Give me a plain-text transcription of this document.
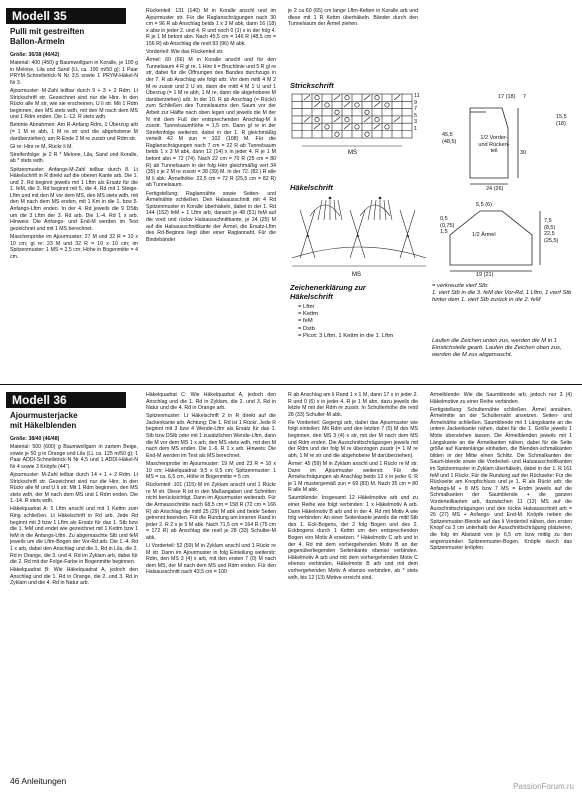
Modell 35
Pulli mit gestreiften
Ballon-Ärmeln

Größe: 36/38 (40/42)

Material: 400 (450) g Baumwollgarn in Koralle, je 100 g in Melone, Lila und Sand (LL ca. 100 m/50 g); 1 Paar PRYM-Schnellstrick-N Nr 3,5 sowie 1 PRYM-Häkel-N Nr 3.

Ajourmuster: M-Zahl teilbar durch 9 + 3 + 2 Rdm. Lt Strickschrift str. Gezeichnet sind nur die Hinr. In den Rückr alle M str, wie sie erscheinen, U li str. Mit 1 Rdm beginnen, den MS stets wdh, mit den M nach dem MS und 1 Rdm enden. Die 1.-12. R stets wdh.

Betonte Abnahmen: Am R-Anfang Rdm, 1 Überzug arb (= 1 M re abh, 1 M re str und die abgehobene M darüberziehen); am R-Ende 2 M re zusstr und Rdm str.

Gl re: Hinr re M, Rückr li M.

Streifenfolge: je 2 R * Melone, Lila, Sand und Koralle, ab * stets wdh.

Spitzenmuster: Anfangs-M-Zahl teilbar durch 8. Lt Häkelschrift in R direkt auf die oberen Kante arb. Die 1. und 2. Rd beginnt jeweils mit 1 Lftm als Ersatz für die 1. feM, die 3. Rd beginnt mit 5, die 4. Rd mit 1 Steige-Lftm und mit den M vor dem MS, den MS stets wdh, mit den M nach dem MS enden, mit 1 Km in die 1. bzw 5. Anfangs-Lftm enden. In der 4. Rd jeweils die 9 DStb um die 3 Lftm der 3. Rd arb. Die 1.-4. Rd 1 x arb. Hinweis: Die Anfangs- und End-M werden im Text gezeichnet und mit 1 MS berechnet.

Maschenprobe im Ajourmuster: 27 M und 32 R = 10 x 10 cm; gl re: 23 M und 32 R = 10 x 10 cm; im Spitzenmuster: 1 MS = 2,5 cm; Höhe in Bogenmitte = 4 cm.

Rückenteil: 131 (140) M in Koralle anschl und im Ajourmuster str. Für die Raglanschrägungen nach 30 cm = 96 R ab Anschlag beids 1 x 3 M abk, dann 16 (18) x abw in jeder 2. und 4. R und noch 0 (1) x in der folg 4. R je 1 M betont abn. Nach 45,5 cm = 146 R (48,5 cm = 156 R) ab Anschlag die restl 93 (96) M abk.

Vorderteil: Wie das Rückenteil str.

Ärmel: 60 (66) M in Koralle anschl und für den Tunnelsaum 4 R gl re, 1 Hinr li = Bruchlinie und 5 R gl re str, dabei für die Öffnungen des Bandes durchzugs in der 7. R ab Anschlag wie folgt arb: Vor dem mittl 4 M 2 M re zusstr und 2 U str, dann die mittl 4 M 1 U und 1 Überzug (= 1 M re abh, 1 M re, dann die abgehobene M darüberziehen) arb. In der 10. R ab Anschlag (= Rückr) zum Schließen des Tunnelsaums den Saum vor der Arbeit zur Hälfte nach oben legen und jeweils die M der N mit dem Fuß der entsprechenden Anschlag-M li zusstr. Tunnelsaumhöhe = 1,5 cm. Dann gl re in der Streifenfolge weiterstr, dabei in der 1. R gleichmäßig verteilt 42 M zun = 102 (108) M. Für die Raglanschrägungen nach 7 cm = 22 R ab Tunnelsaum beids 1 x 3 M abk, dann 12 (14) x in jeder 4. R je 1 M betont abn = 72 (74). Nach 22 cm = 70 R (25 cm = 80 R) ab Tunnelsaum in der folg Hinr gleichmäßig vert 34 (35) x je 2 M re zusstr = 38 (39) M. In der 72. (82.) R alle M li abk. Ärmelhöhe: 22,5 cm = 72 R (25,5 cm = 82 R) ab Tunnelsaum.

Fertigstellung: Raglannähte sowie Seiten- und Ärmelnähte schließen. Den Halsausschnitt mit 4 Rd Spitzenmuster in Koralle überhäkeln, dabei in der 1. Rd 144 (152) feM + 1 Lftm arb, danach je 48 (51) feM auf die vord und rückw Halsausschnittkante, je 24 (25) M auf die Halsausschnittkante der Ärmel, die Ersatz-Lftm des Rd-Beginns liegt über einer Raglannaht. Für die Bindebänder

je 2 ca 60 (65) cm lange Lftm-Ketten in Koralle arb und diese mit 1 R Kettm überhäkeln. Bänder durch den Tunnelsaum der Ärmel ziehen.

Strickschrift
MS
11
9
7
5
3
1
Häkelschrift
MS
Zeichenerklärung zur Häkelschrift
= Lftm
= Kettm
= feM
= Dstb
= Picot: 3 Lftm, 1 Kettm in die 1. Lftm
= verkreuzte vierf Stb:
1. vierf Stb in die 3. feM der Vor-Rd, 1 Lftm, 1 vierf Stb hinter dem 1. vierf Stb zurück in die 2. feM
Laufen die Zeichen unten zus, werden die M in 1 Einstichstelle gearb. Laufen die Zeichen oben zus, werden die M zus abgemascht.
1/2 Vorder- und Rücken-teil
17 (18) 7
15,5
(18)
45,5
(48,5)
30
24 (26)
1/2 Ärmel
5,5 (6)
0,5
(0,75)
1,5
7,5
(8,5)
22,5
(25,5)
19 (21)
Modell 36
Ajourmusterjacke
mit Häkelblenden

Größe: 38/40 (46/48)

Material: 500 (600) g Baumwollgarn in zartem Beige, sowie je 50 g in Orange und Lila (LL ca. 125 m/50 g); 1 Paar ADDI-Schnellstrick-N Nr 4,5 und 1 ADDI-Häkel-N Nr 4 sowie 3 Knöpfe (44").

Ajourmuster: M-Zahl teilbar durch 14 + 1 + 2 Rdm. Lt Strickschrift str. Gezeichnet sind nur die Hinr. In den Rückr alle M und U li str. Mit 1 Rdm beginnen, den MS stets wdh, der M nach dem MS und 1 Rdm enden. Die 1.-14. R stets wdh.

Häkelquadrat A: 5 Lftm anschl und mit 1 Kettm zum Ring schließen. Lt Häkelschrift in Rd arb. Jede Rd beginnt mit 3 bzw 1 Lftm als Ersatz für das 1. Stb bzw die 1. feM und endet wie gezeichnet mit 1 Kettm bzw 1 feM in die Anfangs-Lftm. Zu abgemaschte Stb und feM jeweils um die Lftm-Bogen der Vor-Rd arb. Die 1.-4. Rd 1 x arb, dabei den Anschlag und die 1. Rd in Lila, die 2. Rd in Orange, die 3. und 4. Rd im Zyklam arb, dabei für die 2. Rd mit der Folge-Farbe in Bogenmitte beginnen.

Häkelquadrat B: Wie Häkelquadrat A, jedoch den Anschlag und die 1. Rd in Orange, die 2. und 3. Rd in Zyklam und die 4. Rd in Natur arb.

Häkelquadrat C: Wie Häkelquadrat A, jedoch den Anschlag und die 1. Rd in Zyklam, die 2. und 3. Rd in Natur und die 4. Rd in Orange arb.

Spitzenmuster: Lt Häkelschrift 2 in R direkt auf die Jackenkante arb. Achtung: Die 1. Rd ist 1 Rückr. Jede R beginnt mit 3 bzw 4 Wende-Lftm als Ersatz für das 1. Stb bzw DStb oder mit 1 zusätzlichen Wende-Lftm, dann die M vor dem MS 1 x arb, den MS stets wdh, mit den M nach dem MS enden. Die 1.-6. R 1 x arb. Hinweis: Die End-M werden im Text als MS berechnet.

Maschenprobe im Ajourmuster: 19 M und 23 R = 10 x 10 cm; Häkelquadrat: 9,5 x 9,5 cm; Spitzenmuster: 1 MS = ca. 6,5 cm, Höhe in Bogenmitte = 5 cm.

Rückenteil: 101 (115) M im Zyklam anschl und 1 Rückr re M str. Diese R ist in den Maßangaben und Schnitten nicht berücksichtigt. Dann im Ajourmuster weiterarb. Für die Armausschnitte nach 68,5 cm = 158 R (72 cm = 166 R) ab Anschlag die mittl 25 (29) M abk und beide Seiten getrennt beenden. Für die Rundung am inneren Rand in jeder 2. R 2 x je 5 M abk. Nach 71,5 cm = 164 R (75 cm = 172 R) ab Anschlag die restl je 28 (33) Schulter-M abk.

Li Vorderteil: 52 (59) M in Zyklam anschl und 1 Rückr re M str. Dann im Ajourmuster in folg Einteilung weiterstr: Rdm, den MS 3 (4) x arb, mit den ersten 7 (0) M nach dem MS, der M nach dem MS und Rdm enden. Für den Halsausschnitt nach 43,5 cm = 100

R ab Anschlag am li Rand 1 x 1 M, dann 17 x in jeder 2. R und 0 (6) x in jeder 4. R je 1 M abn, dazu jeweils die letzte M mit der Rdm re zusstr. In Schulterhöhe die restl 28 (33) Schulter-M abk.

Re Vorderteil: Gegengl arb, dabei das Ajourmuster wie folgt einteilen: Mit Rdm und den letzten 7 (0) M des MS beginnen, den MS 3 (4) x str, mit der M nach dem MS und Rdm enden. Die Ausschnittschrägungen jeweils mit der Rdm und der folg M re überzogen zusstr (= 1 M re abh, 1 M re str und die abgehobene M darüberziehen).

Ärmel: 45 (59) M in Zyklam anschl und 1 Rückr re M str. Dann im Ajourmuster weiterstr. Für die Ärmelschrägungen ab Anschlag beids 12 x in jeder 6. R je 1 M mustergemäß zun = 69 (83) M. Nach 35 cm = 80 R alle M abk.

Saumblende: Insgesamt 12 Häkelmotive arb und zu einer Reihe wie folgt verbinden: 1 x Häkelmotiv A arb. Dann Häkelmotiv B arb und in der 4. Rd mit Motiv A wie folg verbinden: An einer Seitenkante jeweils die mittl Stb des 1. Eck-Bogens, der 2 folg Bogen und des 2. Eckbogens durch 1 Kettm um den entsprechenden Bogen von Motiv A ersetzen. * Häkelmotiv C arb und in der 4. Rd mit dem vorhergehenden Motiv B an der gegenüberliegenden Seitenkante ebenso verbinden. Häkelmotiv A arb und mit dem vorhergehenden Motiv C ebenso verbinden, Häkelmotiv B arb und mit dem vorhergehenden Motiv A ebenso verbinden, ab * stets wdh, bis 12 (13) Motive erreicht sind.

Ärmelblende: Wie die Saumblende arb, jedoch nur 3 (4) Häkelmotive zu einer Reihe verbinden.

Fertigstellung: Schulternähte schließen. Ärmel annähen, Ärmelmitte an der Schulternaht ansetzen. Seiten- und Ärmelnähte schließen. Saumblende mit 1 Längskante an die untere Jackenkante nähen, dabei für die 1. Größe jeweils 1 Motiv überstehen lassen. Die Ärmelblenden jeweils mit 1 Längskante an die Ärmelkanten nähen, dabei für die Seite größe auf Kantenlänge einhalten, die Blenden-schmalkanten bilden in der Mitte einen Schlitz. Die Schmalkanten der Saum-blende sowie die Vorderteil- und Halsausschnittkanten im Spitzenmuster in Zyklam überhäkeln, dabei in der 1. R 161 feM und 1 Rückr. Für die Rundung auf der Rückseite: Für die Rückseite am Knopfschluss und je 1. R als Rückr arb; die Anfangs-M + 8 MS bzw 7 MS = Endm jeweils auf die Schmalkanten der Saumblende + die ganzen Vorderteilkanten arb, dazwischen 11 (12) MS auf die Ausschnittschrägungen und den rückw Halsausschnitt arb = 26 (27) MS + Anfangs- und End-M. Knöpfe neben die Spitzenmuster-Blende auf das li Vorderteil nähen, den ersten Knopf ca 3 cm unterhalb der Ausschnittschrägung platzieren, die folg im Abstand von je 6,5 cm bzw mittig zu den angrenzenden Spitzenmuster-Bogen. Knöpfe durch das Spitzenmuster knöpfen.

46 Anleitungen
PassionForum.ru
